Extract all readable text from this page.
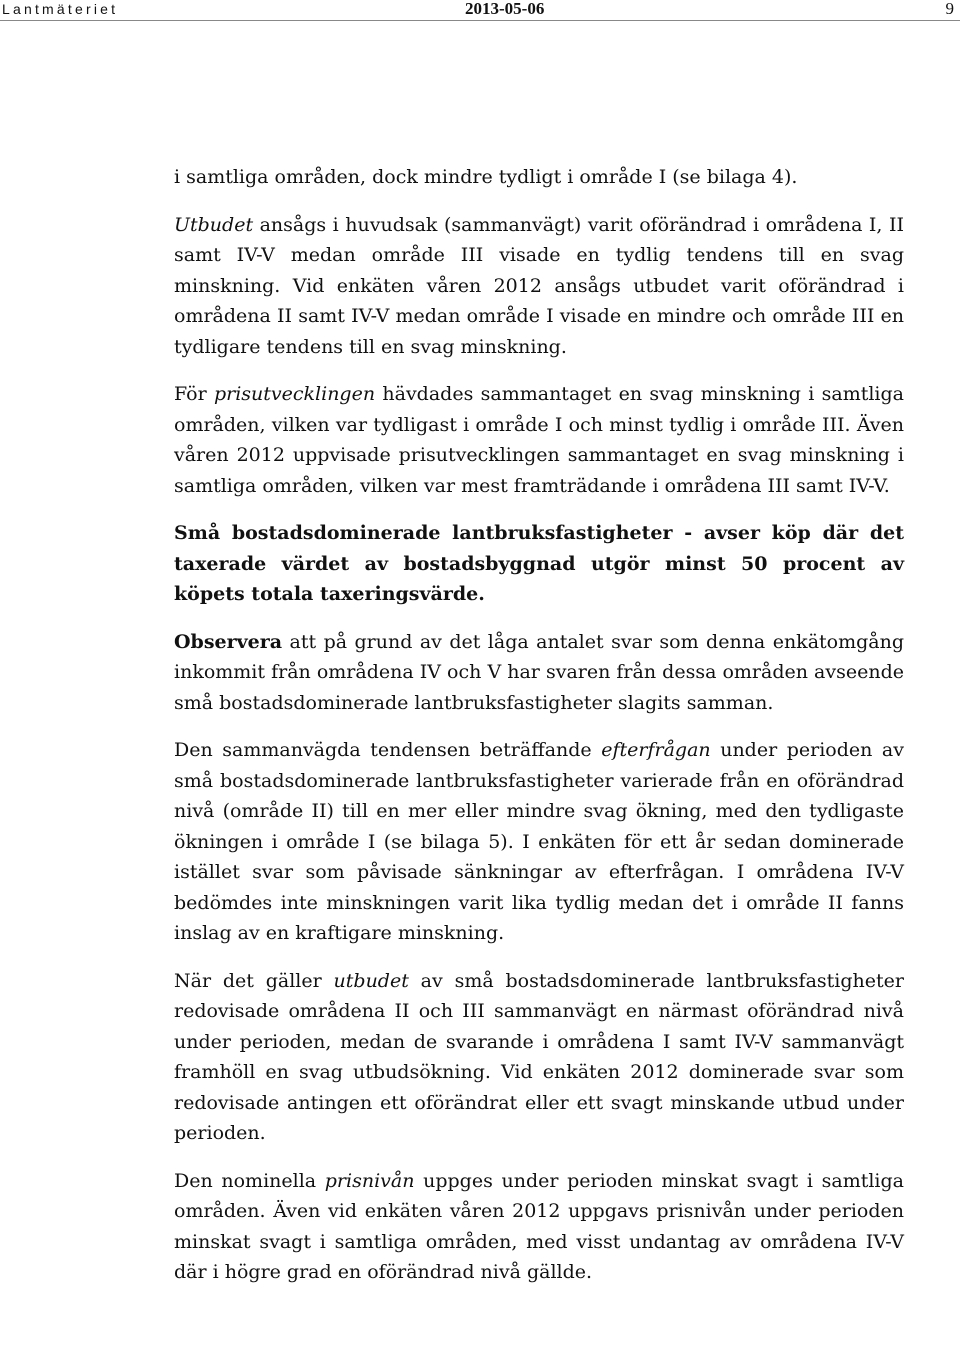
Lantmäteriet	2013-05-06	9

i samtliga områden, dock mindre tydligt i område I (se bilaga 4).

Utbudet ansågs i huvudsak (sammanvägt) varit oförändrad i områdena I, II samt IV-V medan område III visade en tydlig tendens till en svag minskning. Vid enkäten våren 2012 ansågs utbudet varit oförändrad i områdena II samt IV-V medan område I visade en mindre och område III en tydligare tendens till en svag minskning.

För prisutvecklingen hävdades sammantaget en svag minskning i samtliga områden, vilken var tydligast i område I och minst tydlig i område III. Även våren 2012 uppvisade prisutvecklingen sammantaget en svag minskning i samtliga områden, vilken var mest framträdande i områdena III samt IV-V.

Små bostadsdominerade lantbruksfastigheter - avser köp där det taxerade värdet av bostadsbyggnad utgör minst 50 procent av köpets totala taxeringsvärde.

Observera att på grund av det låga antalet svar som denna enkätomgång inkommit från områdena IV och V har svaren från dessa områden avseende små bostadsdominerade lantbruksfastigheter slagits samman.

Den sammanvägda tendensen beträffande efterfrågan under perioden av små bostadsdominerade lantbruksfastigheter varierade från en oförändrad nivå (område II) till en mer eller mindre svag ökning, med den tydligaste ökningen i område I (se bilaga 5). I enkäten för ett år sedan dominerade istället svar som påvisade sänkningar av efterfrågan. I områdena IV-V bedömdes inte minskningen varit lika tydlig medan det i område II fanns inslag av en kraftigare minskning.

När det gäller utbudet av små bostadsdominerade lantbruksfastigheter redovisade områdena II och III sammanvägt en närmast oförändrad nivå under perioden, medan de svarande i områdena I samt IV-V sammanvägt framhöll en svag utbudsökning. Vid enkäten 2012 dominerade svar som redovisade antingen ett oförändrat eller ett svagt minskande utbud under perioden.

Den nominella prisnivån uppges under perioden minskat svagt i samtliga områden. Även vid enkäten våren 2012 uppgavs prisnivån under perioden minskat svagt i samtliga områden, med visst undantag av områdena IV-V där i högre grad en oförändrad nivå gällde.
